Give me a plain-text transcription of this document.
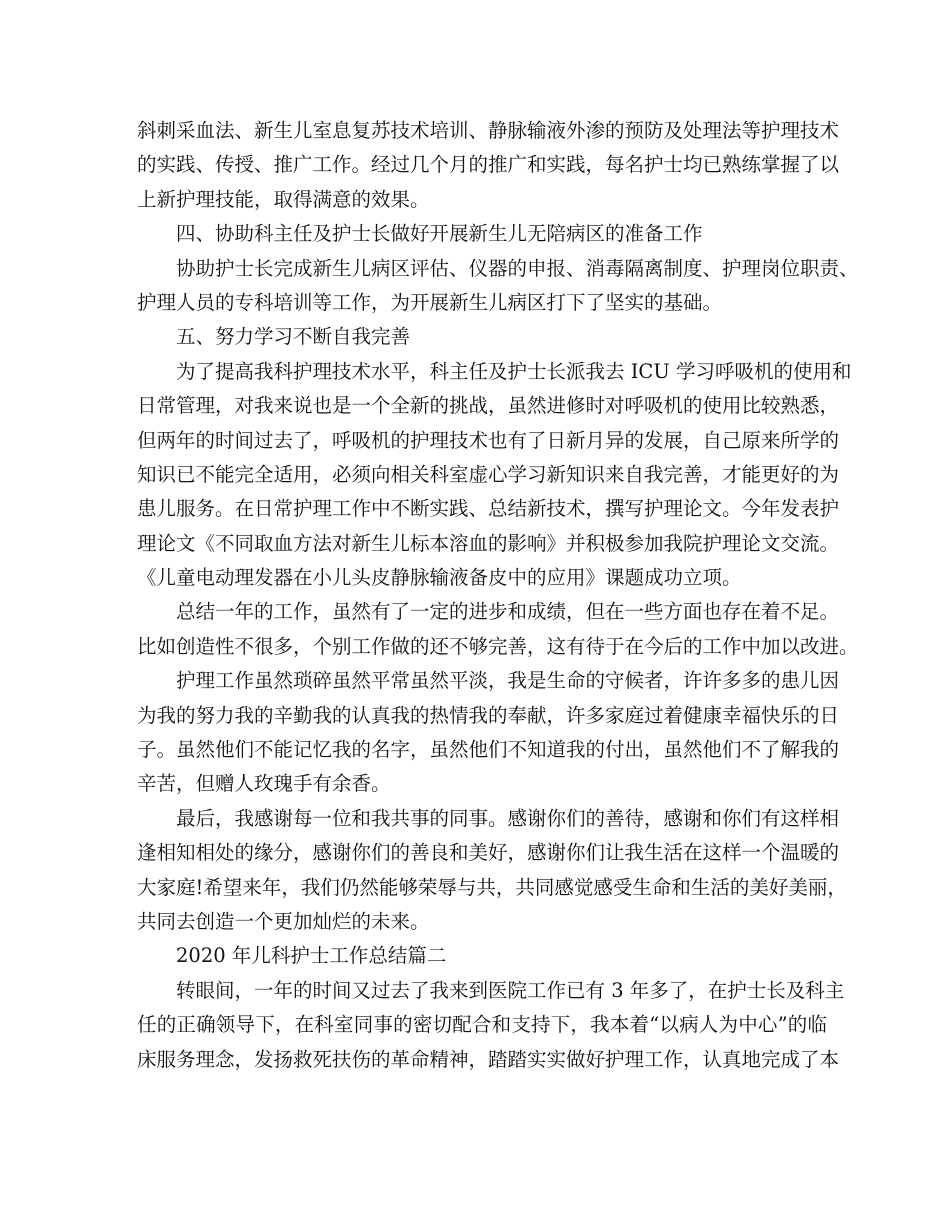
斜刺采血法、新生儿室息复苏技术培训、静脉输液外渗的预防及处理法等护理技术
的实践、传授、推广工作。经过几个月的推广和实践，每名护士均已熟练掌握了以
上新护理技能，取得满意的效果。
四、协助科主任及护士长做好开展新生儿无陪病区的准备工作
协助护士长完成新生儿病区评估、仪器的申报、消毒隔离制度、护理岗位职责、
护理人员的专科培训等工作，为开展新生儿病区打下了坚实的基础。
五、努力学习不断自我完善
为了提高我科护理技术水平，科主任及护士长派我去 ICU 学习呼吸机的使用和
日常管理，对我来说也是一个全新的挑战，虽然进修时对呼吸机的使用比较熟悉，
但两年的时间过去了，呼吸机的护理技术也有了日新月异的发展，自己原来所学的
知识已不能完全适用，必须向相关科室虚心学习新知识来自我完善，才能更好的为
患儿服务。在日常护理工作中不断实践、总结新技术，撰写护理论文。今年发表护
理论文《不同取血方法对新生儿标本溶血的影响》并积极参加我院护理论文交流。
《儿童电动理发器在小儿头皮静脉输液备皮中的应用》课题成功立项。
总结一年的工作，虽然有了一定的进步和成绩，但在一些方面也存在着不足。
比如创造性不很多，个别工作做的还不够完善，这有待于在今后的工作中加以改进。
护理工作虽然琐碎虽然平常虽然平淡，我是生命的守候者，许许多多的患儿因
为我的努力我的辛勤我的认真我的热情我的奉献，许多家庭过着健康幸福快乐的日
子。虽然他们不能记忆我的名字，虽然他们不知道我的付出，虽然他们不了解我的
辛苦，但赠人玫瑰手有余香。
最后，我感谢每一位和我共事的同事。感谢你们的善待，感谢和你们有这样相
逢相知相处的缘分，感谢你们的善良和美好，感谢你们让我生活在这样一个温暖的
大家庭!希望来年，我们仍然能够荣辱与共，共同感觉感受生命和生活的美好美丽，
共同去创造一个更加灿烂的未来。
2020 年儿科护士工作总结篇二
转眼间，一年的时间又过去了我来到医院工作已有 3 年多了，在护士长及科主
任的正确领导下，在科室同事的密切配合和支持下，我本着“以病人为中心”的临
床服务理念，发扬救死扶伤的革命精神，踏踏实实做好护理工作，认真地完成了本
